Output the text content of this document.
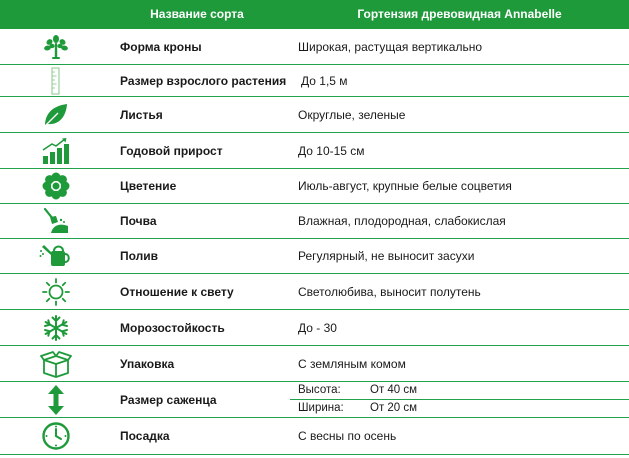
Название сорта	Гортензия древовидная Annabelle
Форма кроны	Широкая, растущая вертикально
Размер взрослого растения До 1,5 м
Листья	Округлые, зеленые
Годовой прирост	До 10-15 см
Цветение	Июль-август, крупные белые соцветия
Почва	Влажная, плодородная, слабокислая
Полив	Регулярный, не выносит засухи
Отношение к свету	Светолюбива, выносит полутень
Морозостойкость	До - 30
Упаковка	С земляным комом
Размер саженца
Высота:	От 40 см
Ширина: От 20 см
Посадка	С весны по осень
